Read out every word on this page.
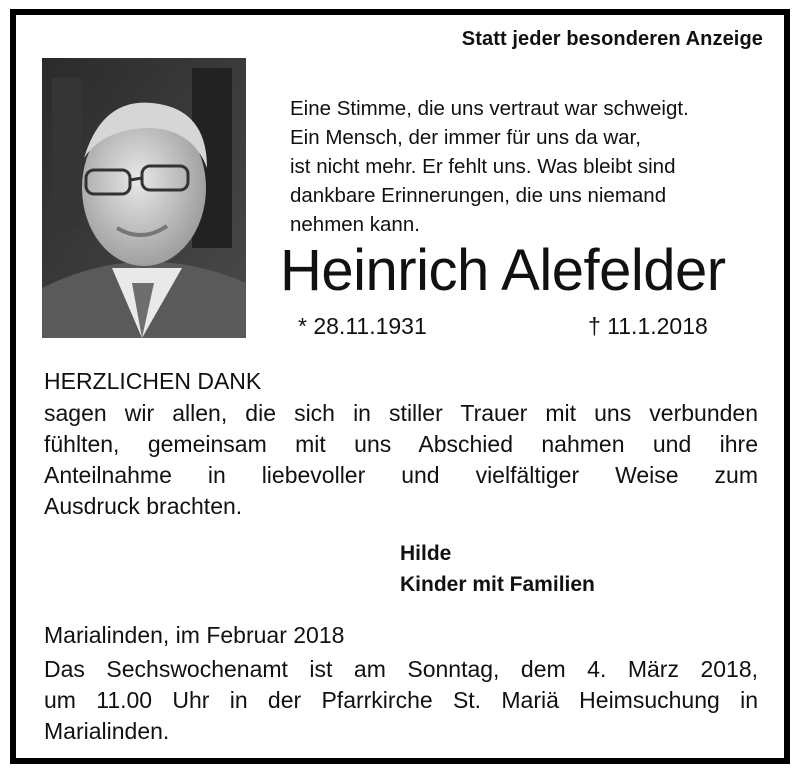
Statt jeder besonderen Anzeige
Eine Stimme, die uns vertraut war schweigt.
Ein Mensch, der immer für uns da war,
ist nicht mehr. Er fehlt uns. Was bleibt sind
dankbare Erinnerungen, die uns niemand
nehmen kann.
Heinrich Alefelder
* 28.11.1931	† 11.1.2018
HERZLICHEN DANK
sagen wir allen, die sich in stiller Trauer mit uns verbunden
fühlten, gemeinsam mit uns Abschied nahmen und ihre
Anteilnahme in liebevoller und vielfältiger Weise zum
Ausdruck brachten.
Hilde
Kinder mit Familien
Marialinden, im Februar 2018
Das Sechswochenamt ist am Sonntag, dem 4. März 2018,
um 11.00 Uhr in der Pfarrkirche St. Mariä Heimsuchung in
Marialinden.
